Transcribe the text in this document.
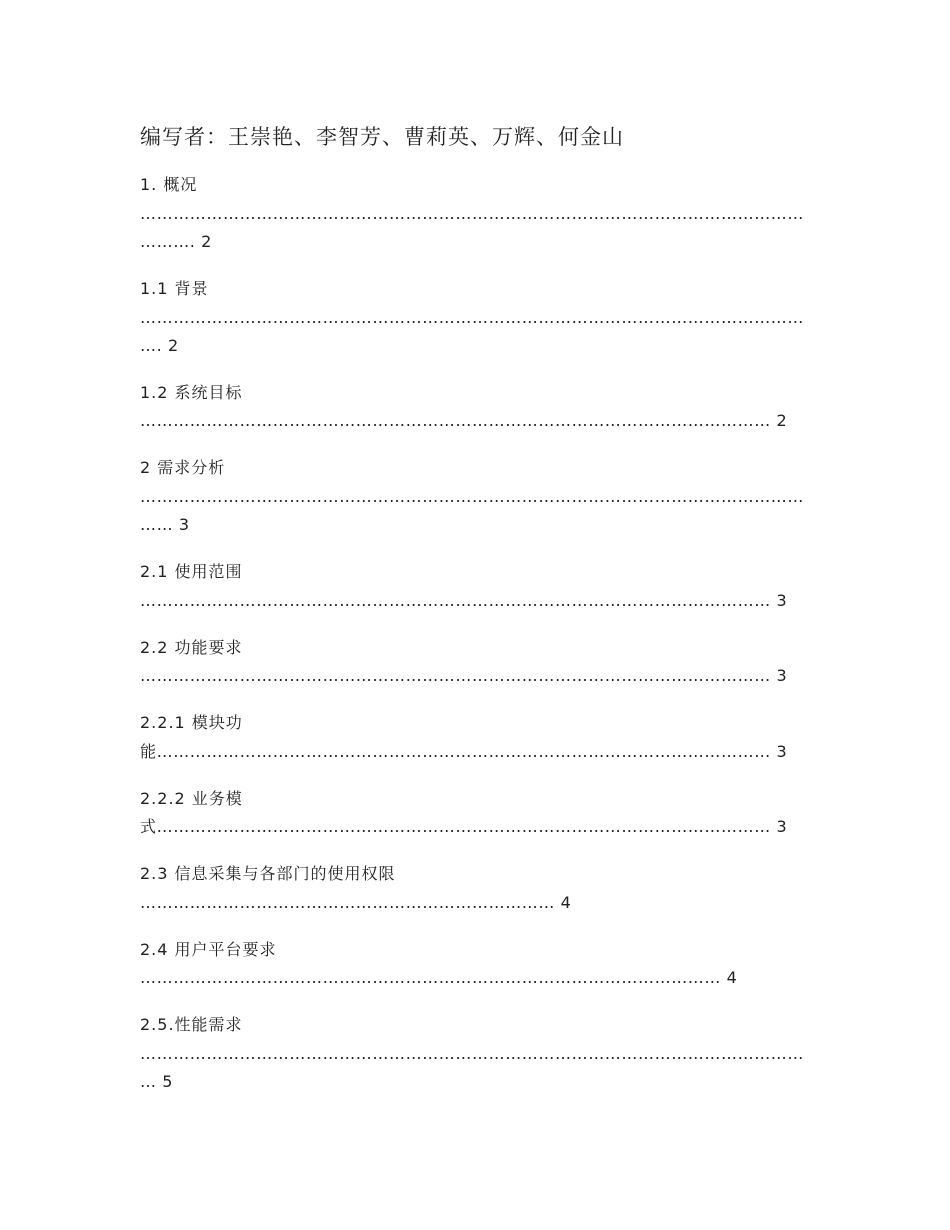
编写者：王崇艳、李智芳、曹莉英、万辉、何金山
1. 概况
…………………………………………………………………………………………………………
………. 2
1.1 背景
…………………………………………………………………………………………………………
…. 2
1.2 系统目标
…………………………………………………………………………………………………… 2
2 需求分析
…………………………………………………………………………………………………………
…… 3
2.1 使用范围
…………………………………………………………………………………………………… 3
2.2 功能要求
…………………………………………………………………………………………………… 3
2.2.1 模块功
能………………………………………………………………………………………………… 3
2.2.2 业务模
式………………………………………………………………………………………………… 3
2.3 信息采集与各部门的使用权限
………………………………………………………………… 4
2.4 用户平台要求
…………………………………………………………………………………………… 4
2.5.性能需求
…………………………………………………………………………………………………………
… 5
